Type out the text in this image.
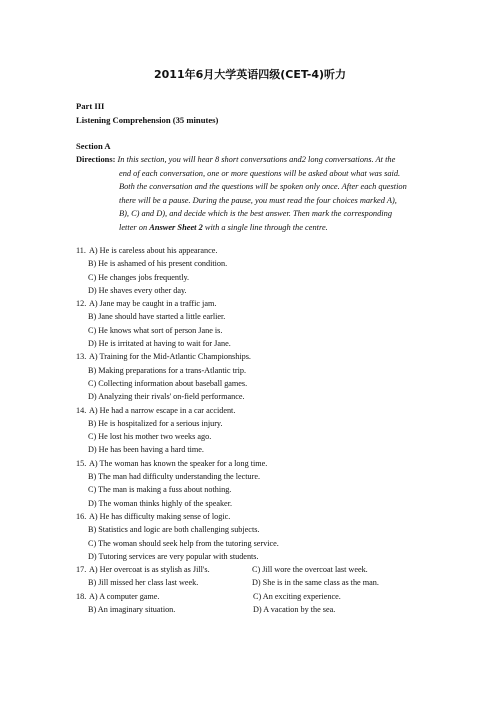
2011年6月大学英语四级(CET-4)听力
Part III
Listening Comprehension (35 minutes)
Section A
Directions: In this section, you will hear 8 short conversations and2 long conversations. At the
end of each conversation, one or more questions will be asked about what was said.
Both the conversation and the questions will be spoken only once. After each question
there will be a pause. During the pause, you must read the four choices marked A),
B), C) and D), and decide which is the best answer. Then mark the corresponding
letter on Answer Sheet 2 with a single line through the centre.
11. A) He is careless about his appearance.
B) He is ashamed of his present condition.
C) He changes jobs frequently.
D) He shaves every other day.
12. A) Jane may be caught in a traffic jam.
B) Jane should have started a little earlier.
C) He knows what sort of person Jane is.
D) He is irritated at having to wait for Jane.
13. A) Training for the Mid-Atlantic Championships.
B) Making preparations for a trans-Atlantic trip.
C) Collecting information about baseball games.
D) Analyzing their rivals' on-field performance.
14. A) He had a narrow escape in a car accident.
B) He is hospitalized for a serious injury.
C) He lost his mother two weeks ago.
D) He has been having a hard time.
15. A) The woman has known the speaker for a long time.
B) The man had difficulty understanding the lecture.
C) The man is making a fuss about nothing.
D) The woman thinks highly of the speaker.
16. A) He has difficulty making sense of logic.
B) Statistics and logic are both challenging subjects.
C) The woman should seek help from the tutoring service.
D) Tutoring services are very popular with students.
17. A) Her overcoat is as stylish as Jill's.	C) Jill wore the overcoat last week.
B) Jill missed her class last week.	D) She is in the same class as the man.
18. A) A computer game.	C) An exciting experience.
B) An imaginary situation.	D) A vacation by the sea.
